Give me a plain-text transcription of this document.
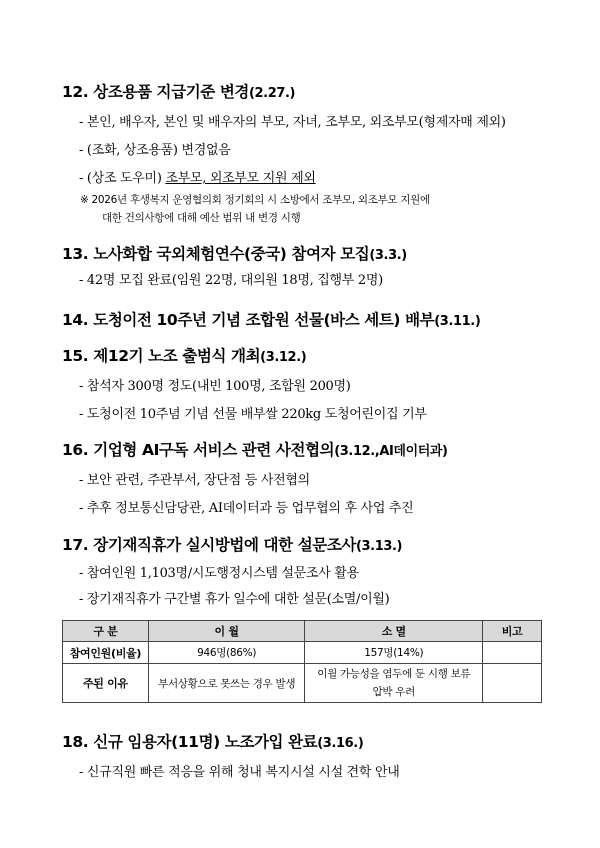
12. 상조용품 지급기준 변경(2.27.)
- 본인, 배우자, 본인 및 배우자의 부모, 자녀, 조부모, 외조부모(형제자매 제외)
- (조화, 상조용품) 변경없음
- (상조 도우미) 조부모, 외조부모 지원 제외
※ 2026년 후생복지 운영협의회 정기회의 시 소방에서 조부모, 외조부모 지원에
대한 건의사항에 대해 예산 범위 내 변경 시행
13. 노사화합 국외체험연수(중국) 참여자 모집(3.3.)
- 42명 모집 완료(임원 22명, 대의원 18명, 집행부 2명)
14. 도청이전 10주년 기념 조합원 선물(바스 세트) 배부(3.11.)
15. 제12기 노조 출범식 개최(3.12.)
- 참석자 300명 정도(내빈 100명, 조합원 200명)
- 도청이전 10주념 기념 선물 배부쌀 220kg 도청어린이집 기부
16. 기업형 AI구독 서비스 관련 사전협의(3.12.,AI데이터과)
- 보안 관련, 주관부서, 장단점 등 사전협의
- 추후 정보통신담당관, AI데이터과 등 업무협의 후 사업 추진
17. 장기재직휴가 실시방법에 대한 설문조사(3.13.)
- 참여인원 1,103명/시도행정시스템 설문조사 활용
- 장기재직휴가 구간별 휴가 일수에 대한 설문(소멸/이월)
구 분	이 월	소 멸	비고
참여인원(비율)	946명(86%)	157명(14%)	
주된 이유	부서상황으로 못쓰는 경우 발생	이월 가능성을 염두에 둔 시행 보류
압박 우려	

18. 신규 임용자(11명) 노조가입 완료(3.16.)
- 신규직원 빠른 적응을 위해 청내 복지시설 시설 견학 안내
